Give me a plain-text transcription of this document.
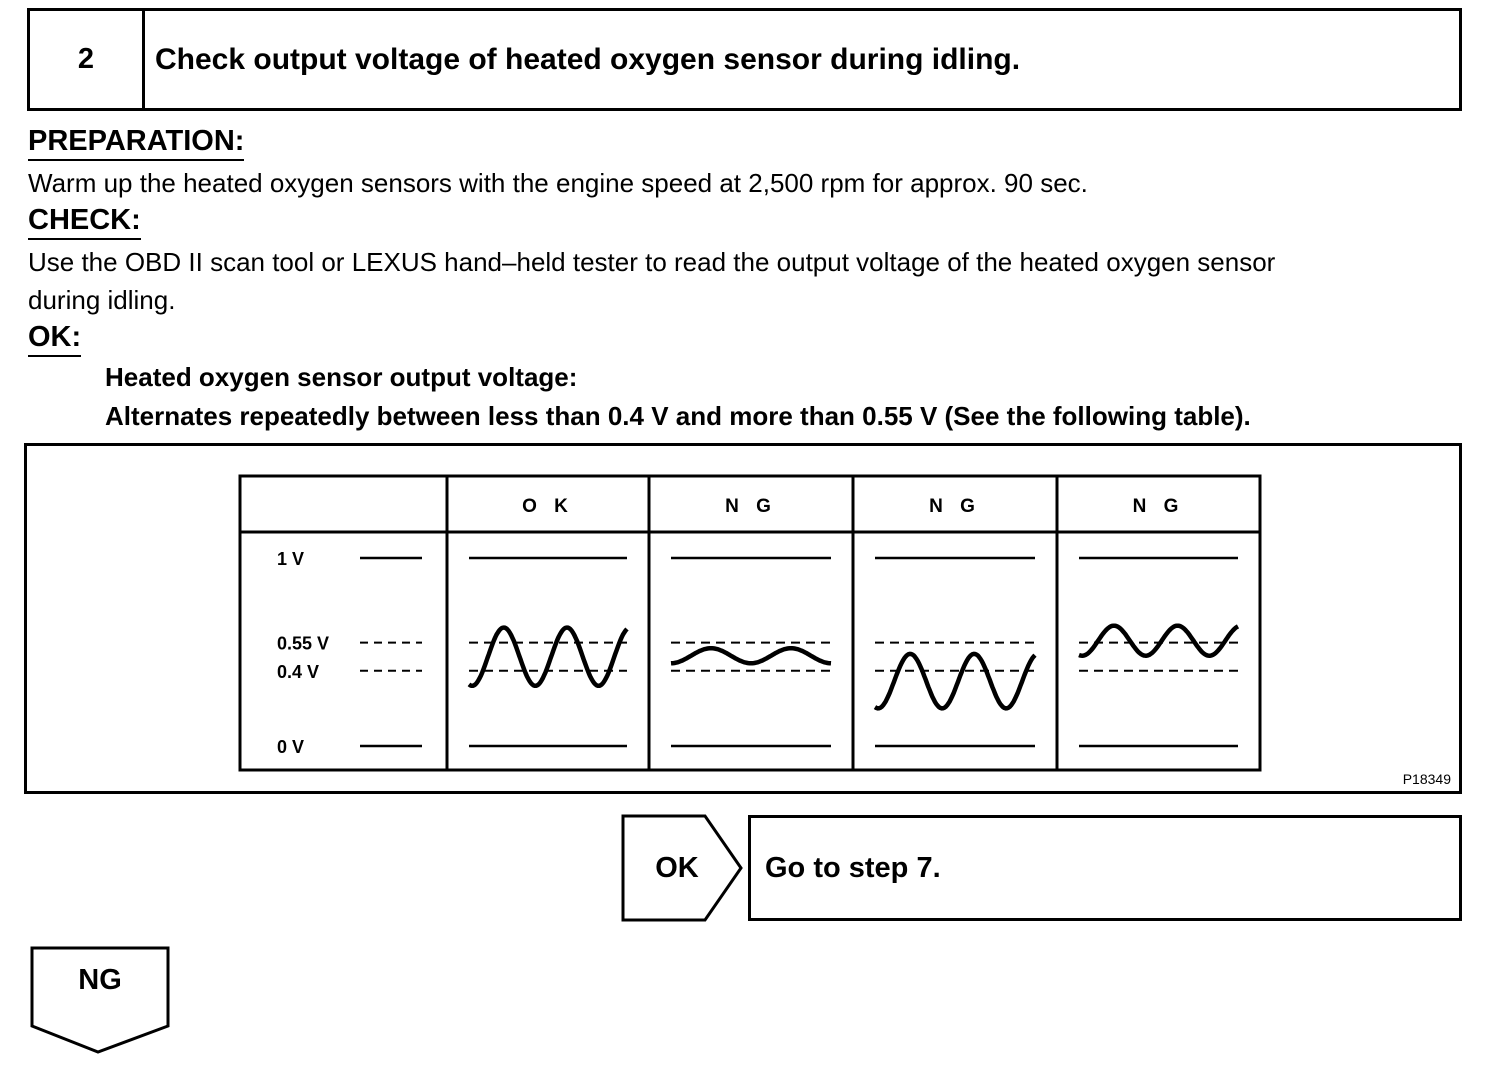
2	Check output voltage of heated oxygen sensor during idling.
PREPARATION:
Warm up the heated oxygen sensors with the engine speed at 2,500 rpm for approx. 90 sec.
CHECK:
Use the OBD II scan tool or LEXUS hand–held tester to read the output voltage of the heated oxygen sensor
during idling.
OK:
Heated oxygen sensor output voltage:
Alternates repeatedly between less than 0.4 V and more than 0.55 V (See the following table).
1 V
0.55 V
0.4 V
0 V
O K	N G	N G	N G
P18349
OK	Go to step 7.
NG
